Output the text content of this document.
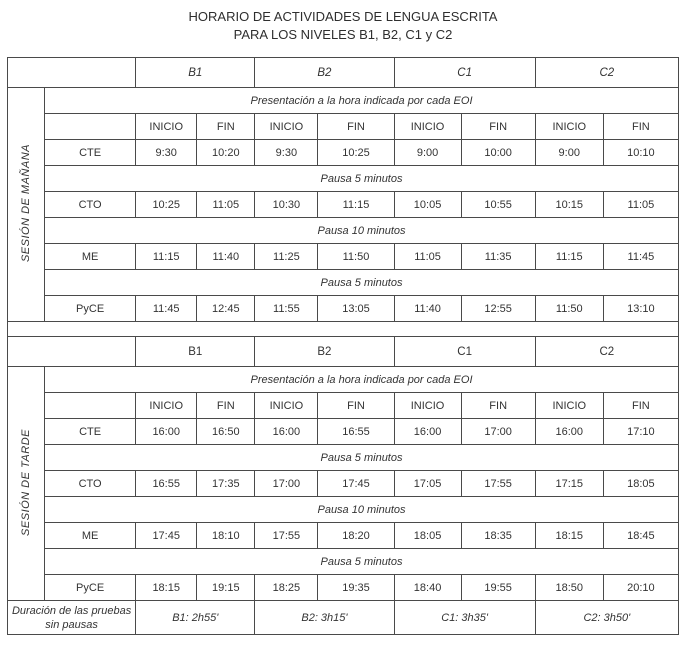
HORARIO DE ACTIVIDADES DE LENGUA ESCRITA
PARA LOS NIVELES B1, B2, C1 y C2
		B1		B2		C1		C2	
SESIÓN DE MAÑANA	Presentación a la hora indicada por cada EOI								
		INICIO	FIN	INICIO	FIN	INICIO	FIN	INICIO	FIN
	CTE	9:30	10:20	9:30	10:25	9:00	10:00	9:00	10:10
	Pausa 5 minutos								
	CTO	10:25	11:05	10:30	11:15	10:05	10:55	10:15	11:05
	Pausa 10 minutos								
	ME	11:15	11:40	11:25	11:50	11:05	11:35	11:15	11:45
	Pausa 5 minutos								
	PyCE	11:45	12:45	11:55	13:05	11:40	12:55	11:50	13:10
		B1		B2		C1		C2	
SESIÓN DE TARDE	Presentación a la hora indicada por cada EOI								
		INICIO	FIN	INICIO	FIN	INICIO	FIN	INICIO	FIN
	CTE	16:00	16:50	16:00	16:55	16:00	17:00	16:00	17:10
	Pausa 5 minutos								
	CTO	16:55	17:35	17:00	17:45	17:05	17:55	17:15	18:05
	Pausa 10 minutos								
	ME	17:45	18:10	17:55	18:20	18:05	18:35	18:15	18:45
	Pausa 5 minutos								
	PyCE	18:15	19:15	18:25	19:35	18:40	19:55	18:50	20:10
Duración de las pruebas sin pausas		B1: 2h55'		B2: 3h15'		C1: 3h35'		C2: 3h50'	
